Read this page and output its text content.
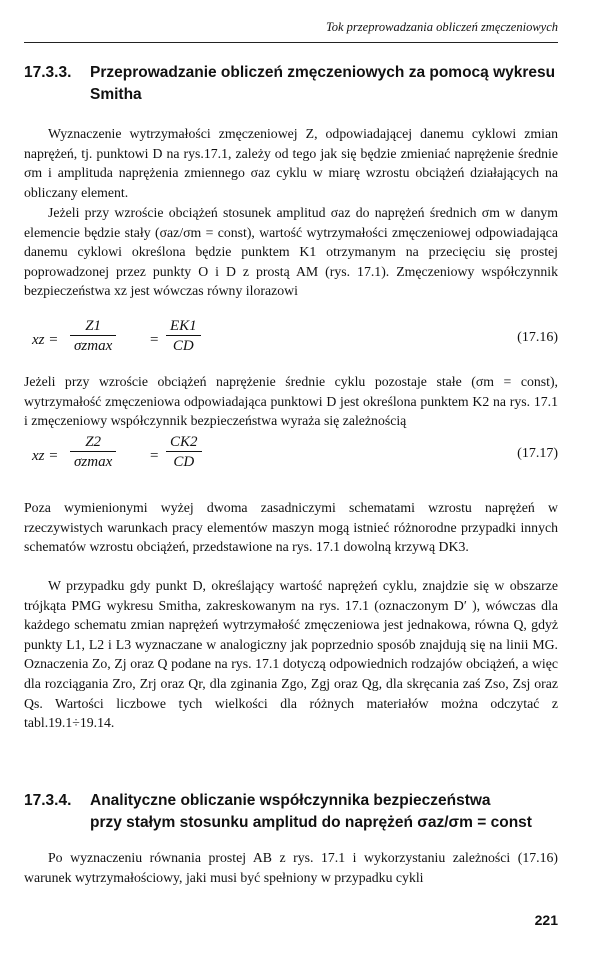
Tok przeprowadzania obliczeń zmęczeniowych
17.3.3. Przeprowadzanie obliczeń zmęczeniowych za pomocą wykresu
Smitha

Wyznaczenie wytrzymałości zmęczeniowej Z, odpowiadającej danemu cyklowi zmian naprężeń, tj. punktowi D na rys.17.1, zależy od tego jak się będzie zmieniać naprężenie średnie σm i amplituda naprężenia zmiennego σaz cyklu w miarę wzrostu obciążeń działających na obliczany element.

Jeżeli przy wzroście obciążeń stosunek amplitud σaz do naprężeń średnich σm w danym elemencie będzie stały (σaz/σm = const), wartość wytrzymałości zmęczeniowej odpowiadająca danemu cyklowi określona będzie punktem K1 otrzymanym na przecięciu się prostej poprowadzonej przez punkty O i D z prostą AM (rys. 17.1). Zmęczeniowy współczynnik bezpieczeństwa xz jest wówczas równy ilorazowi

xz =
Z1
σzmax	= $\frac{EK1}{CD}$	(17.16)

Jeżeli przy wzroście obciążeń naprężenie średnie cyklu pozostaje stałe (σm = const), wytrzymałość zmęczeniowa odpowiadająca punktowi D jest określona punktem K2 na rys. 17.1 i zmęczeniowy współczynnik bezpieczeństwa wyraża się zależnością

xz =
Z2
σzmax	= $\frac{CK2}{CD}$	(17.17)

Poza wymienionymi wyżej dwoma zasadniczymi schematami wzrostu naprężeń w rzeczywistych warunkach pracy elementów maszyn mogą istnieć różnorodne przypadki innych schematów wzrostu obciążeń, przedstawione na rys. 17.1 dowolną krzywą DK3.

W przypadku gdy punkt D, określający wartość naprężeń cyklu, znajdzie się w obszarze trójkąta PMG wykresu Smitha, zakreskowanym na rys. 17.1 (oznaczonym D′ ), wówczas dla każdego schematu zmian naprężeń wytrzymałość zmęczeniowa jest jednakowa, równa Q, gdyż punkty L1, L2 i L3 wyznaczane w analogiczny jak poprzednio sposób znajdują się na linii MG. Oznaczenia Zo, Zj oraz Q podane na rys. 17.1 dotyczą odpowiednich rodzajów obciążeń, a więc dla rozciągania Zro, Zrj oraz Qr, dla zginania Zgo, Zgj oraz Qg, dla skręcania zaś Zso, Zsj oraz Qs. Wartości liczbowe tych wielkości dla różnych materiałów można odczytać z tabl.19.1÷19.14.

17.3.4. Analityczne obliczanie współczynnika bezpieczeństwa
przy stałym stosunku amplitud do naprężeń σaz/σm = const

Po wyznaczeniu równania prostej AB z rys. 17.1 i wykorzystaniu zależności (17.16) warunek wytrzymałościowy, jaki musi być spełniony w przypadku cykli

221
